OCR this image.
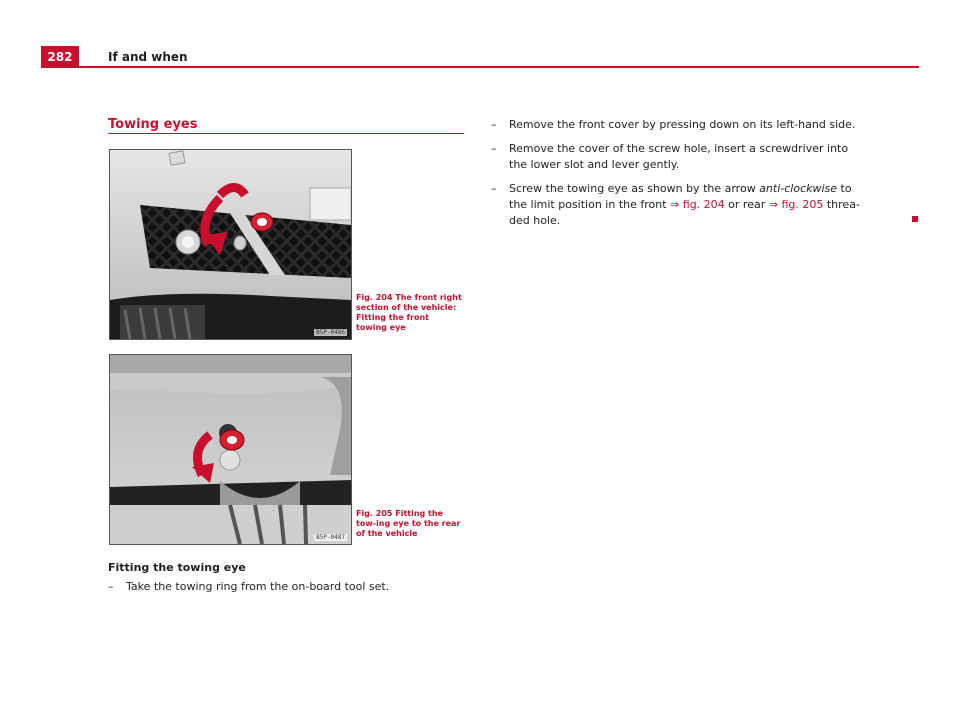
282	If and when
Towing eyes
B5P-0486
Fig. 204 The front right section of the vehicle: Fitting the front towing eye
B5P-0487
Fig. 205 Fitting the tow-ing eye to the rear of the vehicle
Fitting the towing eye
– Take the towing ring from the on-board tool set.
– Remove the front cover by pressing down on its left-hand side.
– Remove the cover of the screw hole, insert a screwdriver into
the lower slot and lever gently.
– Screw the towing eye as shown by the arrow anti-clockwise to
the limit position in the front ⇒ fig. 204 or rear ⇒ fig. 205 threa-
ded hole.
